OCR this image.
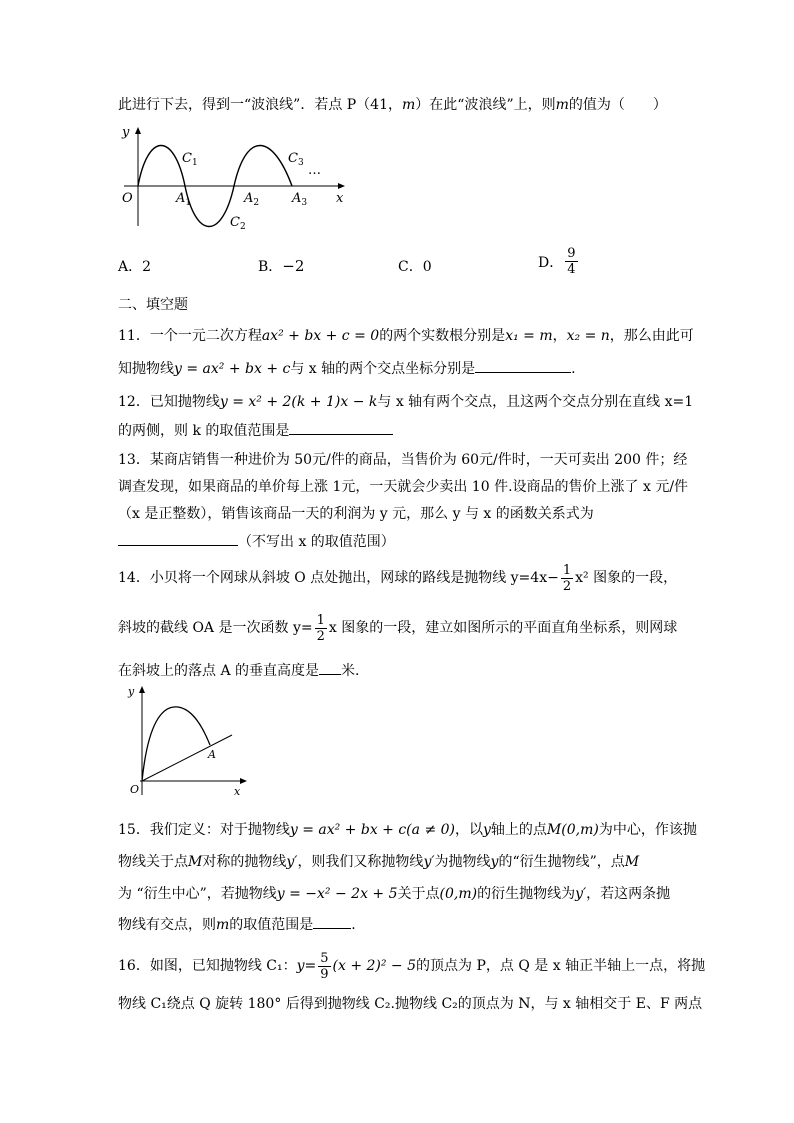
此进行下去，得到一“波浪线”．若点 P（41，m）在此“波浪线”上，则m的值为（　　）
y
x
O
$C_1$
$C_2$
$C_3$ …
$A_1$	$A_2$	$A_3$
A．2	B．−2	C．0	D． $\frac{9}{4}$
二、填空题
11．一个一元二次方程ax² + bx + c = 0的两个实数根分别是x₁ = m，x₂ = n，那么由此可
知抛物线y = ax² + bx + c与 x 轴的两个交点坐标分别是	.
12．已知抛物线y = x² + 2(k + 1)x − k与 x 轴有两个交点，且这两个交点分别在直线 x=1
的两侧，则 k 的取值范围是
13．某商店销售一种进价为 50元/件的商品，当售价为 60元/件时，一天可卖出 200 件；经
调查发现，如果商品的单价每上涨 1元，一天就会少卖出 10 件.设商品的售价上涨了 x 元/件
（x 是正整数），销售该商品一天的利润为 y 元，那么 y 与 x 的函数关系式为
（不写出 x 的取值范围）
14．小贝将一个网球从斜坡 O 点处抛出，网球的路线是抛物线 $y=4x- \frac{1}{2} x^2$ 图象的一段，
斜坡的截线 OA 是一次函数 $y= \frac{1}{2}$ x 图象的一段，建立如图所示的平面直角坐标系，则网球
在斜坡上的落点 A 的垂直高度是 米.
y
x
O
A
15．我们定义：对于抛物线y = ax² + bx + c(a ≠ 0)，以y轴上的点M(0,m)为中心，作该抛
物线关于点M对称的抛物线y′，则我们又称抛物线y′为抛物线y的“衍生抛物线”，点M
为 “衍生中心”，若抛物线y = −x² − 2x + 5关于点(0,m)的衍生抛物线为y′，若这两条抛
物线有交点，则m的取值范围是	.
16．如图，已知抛物线 C₁： $y= \frac{5}{9} (x + 2)^2 - 5$ 的顶点为 P，点 Q 是 x 轴正半轴上一点，将抛
物线 C₁绕点 Q 旋转 180° 后得到抛物线 C₂.抛物线 C₂的顶点为 N，与 x 轴相交于 E、F 两点
